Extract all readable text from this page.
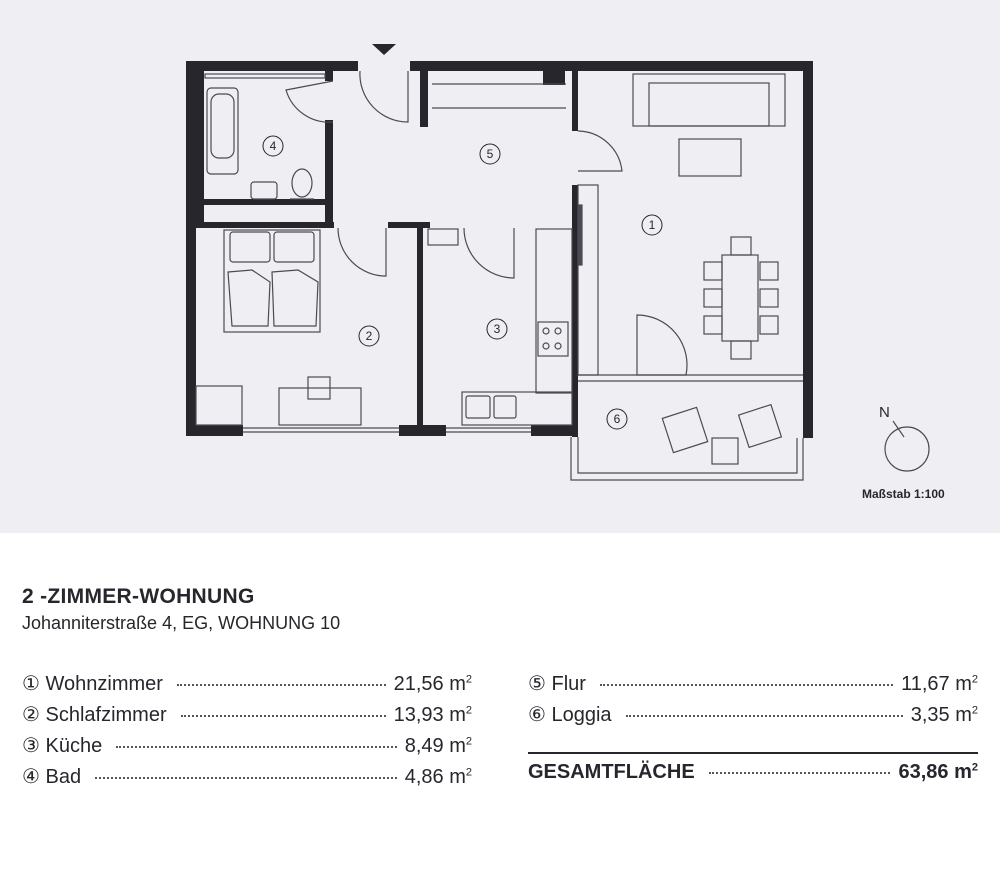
1
2	3
4
5
6	N
Maßstab 1:100
2 -ZIMMER-WOHNUNG
Johanniterstraße 4, EG, WOHNUNG 10
① Wohnzimmer	21,56 $m^2$
② Schlafzimmer	13,93 $m^2$
③ Küche	8,49 $m^2$
④ Bad	4,86 $m^2$
⑤ Flur	11,67 $m^2$
⑥ Loggia	3,35 $m^2$
GESAMTFLÄCHE	63,86 $m^2$
